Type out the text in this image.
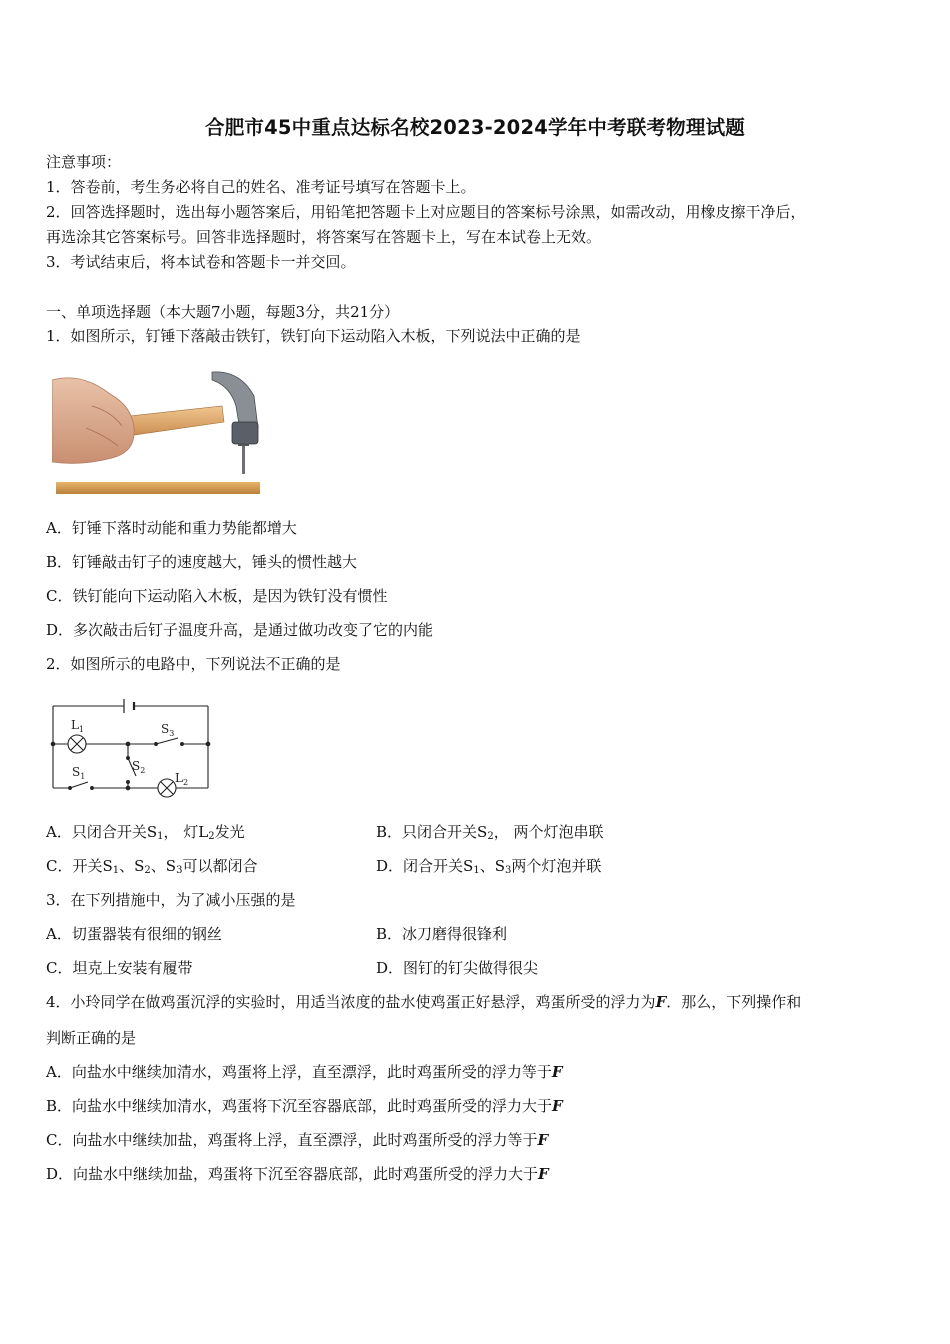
合肥市45中重点达标名校2023-2024学年中考联考物理试题
注意事项：
1．答卷前，考生务必将自己的姓名、准考证号填写在答题卡上。
2．回答选择题时，选出每小题答案后，用铅笔把答题卡上对应题目的答案标号涂黑，如需改动，用橡皮擦干净后，
再选涂其它答案标号。回答非选择题时，将答案写在答题卡上，写在本试卷上无效。
3．考试结束后，将本试卷和答题卡一并交回。
一、单项选择题（本大题7小题，每题3分，共21分）
1．如图所示，钉锤下落敲击铁钉，铁钉向下运动陷入木板，下列说法中正确的是
A．钉锤下落时动能和重力势能都增大
B．钉锤敲击钉子的速度越大，锤头的惯性越大
C．铁钉能向下运动陷入木板，是因为铁钉没有惯性
D．多次敲击后钉子温度升高，是通过做功改变了它的内能
2．如图所示的电路中，下列说法不正确的是
$L_1$	$S_3$
$S_1$
$S_2$
$L_2$
A．只闭合开关$S_1$， 灯$L_2$发光	B．只闭合开关$S_2$， 两个灯泡串联
C．开关$S_1$、$S_2$、$S_3$可以都闭合	D．闭合开关$S_1$、$S_3$两个灯泡并联
3．在下列措施中，为了减小压强的是
A．切蛋器装有很细的钢丝	B．冰刀磨得很锋利
C．坦克上安装有履带	D．图钉的钉尖做得很尖
4．小玲同学在做鸡蛋沉浮的实验时，用适当浓度的盐水使鸡蛋正好悬浮，鸡蛋所受的浮力为F．那么，下列操作和
判断正确的是
A．向盐水中继续加清水，鸡蛋将上浮，直至漂浮，此时鸡蛋所受的浮力等于F
B．向盐水中继续加清水，鸡蛋将下沉至容器底部，此时鸡蛋所受的浮力大于F
C．向盐水中继续加盐，鸡蛋将上浮，直至漂浮，此时鸡蛋所受的浮力等于F
D．向盐水中继续加盐，鸡蛋将下沉至容器底部，此时鸡蛋所受的浮力大于F
